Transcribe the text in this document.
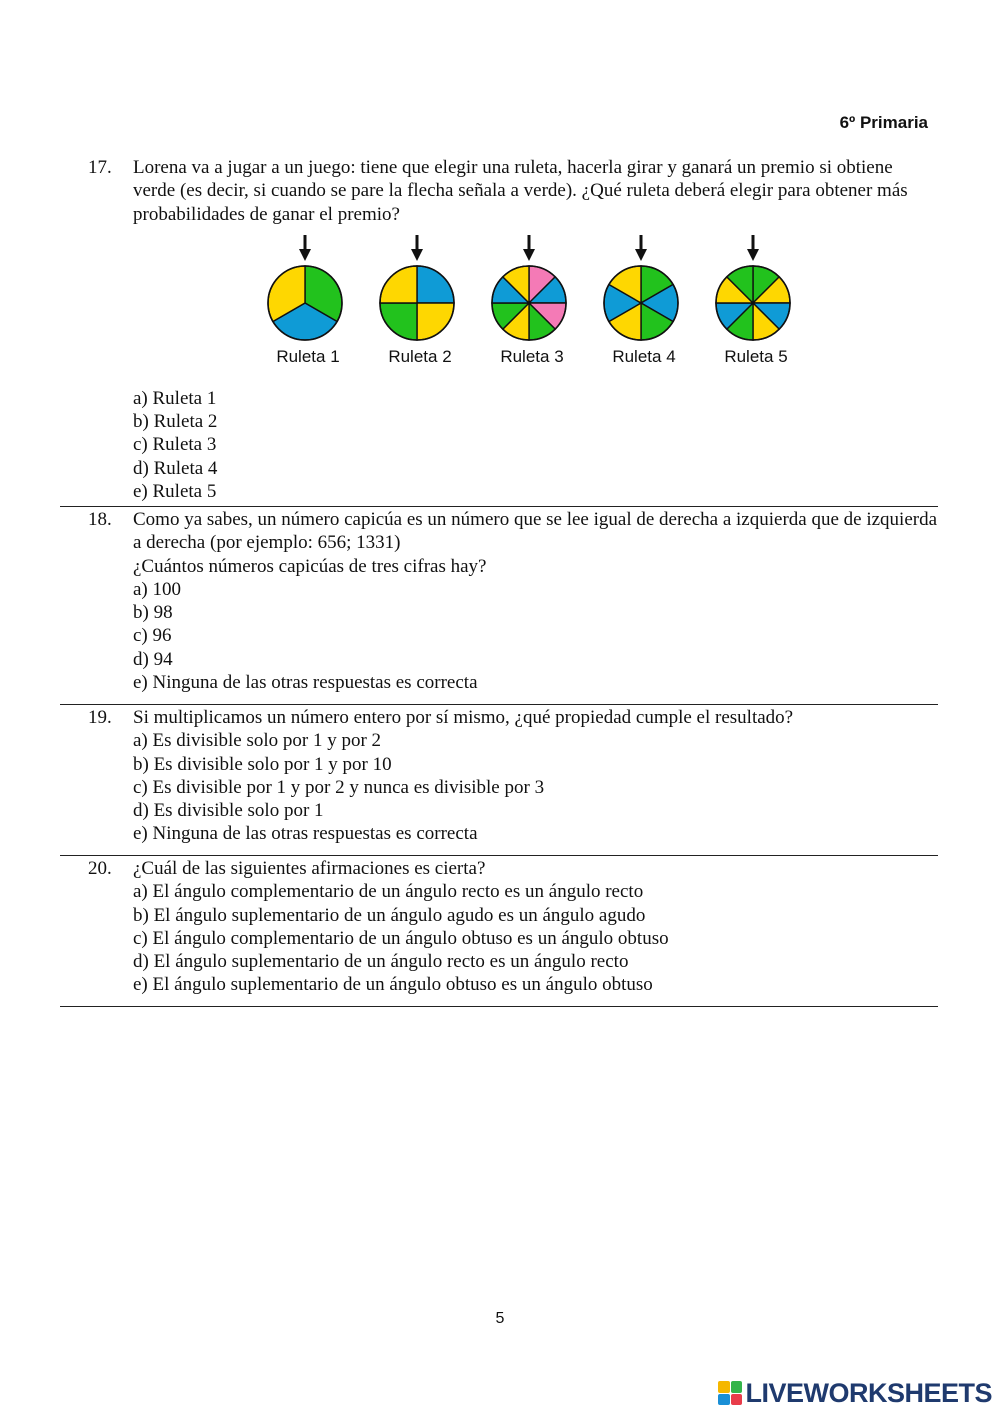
6º Primaria
17. Lorena va a jugar a un juego: tiene que elegir una ruleta, hacerla girar y ganará un premio si obtiene verde (es decir, si cuando se pare la flecha señala a verde). ¿Qué ruleta deberá elegir para obtener más probabilidades de ganar el premio?
a) Ruleta 1
b) Ruleta 2
c) Ruleta 3
d) Ruleta 4
e) Ruleta 5
Ruleta 1	Ruleta 2	Ruleta 3	Ruleta 4	Ruleta 5
18. Como ya sabes, un número capicúa es un número que se lee igual de derecha a izquierda que de izquierda a derecha (por ejemplo: 656; 1331)
¿Cuántos números capicúas de tres cifras hay?
a) 100
b) 98
c) 96
d) 94
e) Ninguna de las otras respuestas es correcta
19. Si multiplicamos un número entero por sí mismo, ¿qué propiedad cumple el resultado?
a) Es divisible solo por 1 y por 2
b) Es divisible solo por 1 y por 10
c) Es divisible por 1 y por 2 y nunca es divisible por 3
d) Es divisible solo por 1
e) Ninguna de las otras respuestas es correcta
20. ¿Cuál de las siguientes afirmaciones es cierta?
a) El ángulo complementario de un ángulo recto es un ángulo recto
b) El ángulo suplementario de un ángulo agudo es un ángulo agudo
c) El ángulo complementario de un ángulo obtuso es un ángulo obtuso
d) El ángulo suplementario de un ángulo recto es un ángulo recto
e) El ángulo suplementario de un ángulo obtuso es un ángulo obtuso
5
LIVEWORKSHEETS
